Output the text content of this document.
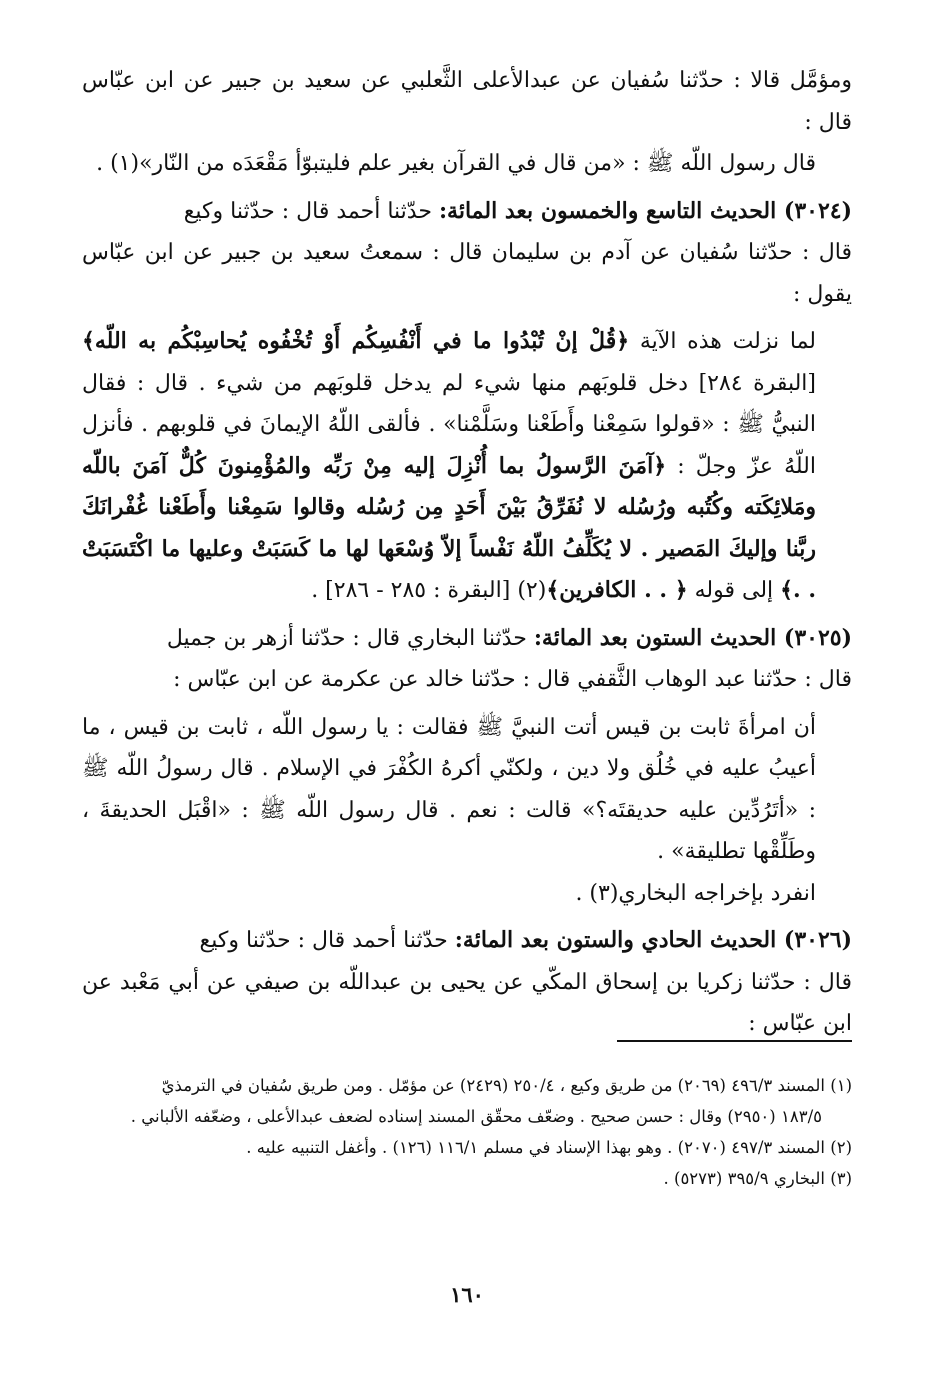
ومؤمَّل قالا : حدّثنا سُفيان عن عبدالأعلى الثَّعلبي عن سعيد بن جبير عن ابن عبّاس قال :

قال رسول اللّه ﷺ : «من قال في القرآن بغير علم فليتبوّأ مَقْعَدَه من النّار»(١) .

(٣٠٢٤) الحديث التاسع والخمسون بعد المائة: حدّثنا أحمد قال : حدّثنا وكيع

قال : حدّثنا سُفيان عن آدم بن سليمان قال : سمعتُ سعيد بن جبير عن ابن عبّاس يقول :

لما نزلت هذه الآية ﴿قُلْ إنْ تُبْدُوا ما في أَنْفُسِكُم أَوْ تُخْفُوه يُحاسِبْكُم به اللّه﴾ [البقرة ٢٨٤] دخل قلوبَهم منها شيء لم يدخل قلوبَهم من شيء . قال : فقال النبيُّ ﷺ : «قولوا سَمِعْنا وأَطَعْنا وسَلَّمْنا» . فألقى اللّهُ الإيمانَ في قلوبهم . فأنزل اللّهُ عزّ وجلّ : ﴿آمَنَ الرَّسولُ بما أُنْزِلَ إليه مِنْ رَبِّه والمُؤْمِنونَ كُلٌّ آمَنَ باللّه ومَلائِكَته وكُتُبه ورُسُله لا نُفَرِّقُ بَيْنَ أَحَدٍ مِن رُسُله وقالوا سَمِعْنا وأَطَعْنا غُفْرانَكَ ربَّنا وإليكَ المَصير . لا يُكَلِّفُ اللّهُ نَفْساً إلاّ وُسْعَها لها ما كَسَبَتْ وعليها ما اكْتَسَبَتْ . .﴾ إلى قوله ﴿ . . الكافرين﴾(٢) [البقرة : ٢٨٥ - ٢٨٦] .

(٣٠٢٥) الحديث الستون بعد المائة: حدّثنا البخاري قال : حدّثنا أزهر بن جميل

قال : حدّثنا عبد الوهاب الثَّقفي قال : حدّثنا خالد عن عكرمة عن ابن عبّاس :

أن امرأةَ ثابت بن قيس أتت النبيَّ ﷺ فقالت : يا رسول اللّه ، ثابت بن قيس ، ما أعيبُ عليه في خُلُق ولا دين ، ولكنّي أكرهُ الكُفْرَ في الإسلام . قال رسولُ اللّه ﷺ : «أتَرُدِّين عليه حديقتَه؟» قالت : نعم . قال رسول اللّه ﷺ : «اقْبَل الحديقةَ ، وطَلِّقْها تطليقة» .

انفرد بإخراجه البخاري(٣) .

(٣٠٢٦) الحديث الحادي والستون بعد المائة: حدّثنا أحمد قال : حدّثنا وكيع

قال : حدّثنا زكريا بن إسحاق المكّي عن يحيى بن عبداللّه بن صيفي عن أبي مَعْبد عن ابن عبّاس :

(١) المسند ٤٩٦/٣ (٢٠٦٩) من طريق وكيع ، ٢٥٠/٤ (٢٤٢٩) عن مؤمّل . ومن طريق سُفيان في الترمذيّ

١٨٣/٥ (٢٩٥٠) وقال : حسن صحيح . وضعّف محقّق المسند إسناده لضعف عبدالأعلى ، وضعّفه الألباني .

(٢) المسند ٤٩٧/٣ (٢٠٧٠) . وهو بهذا الإسناد في مسلم ١١٦/١ (١٢٦) . وأغفل التنبيه عليه .

(٣) البخاري ٣٩٥/٩ (٥٢٧٣) .

١٦٠
